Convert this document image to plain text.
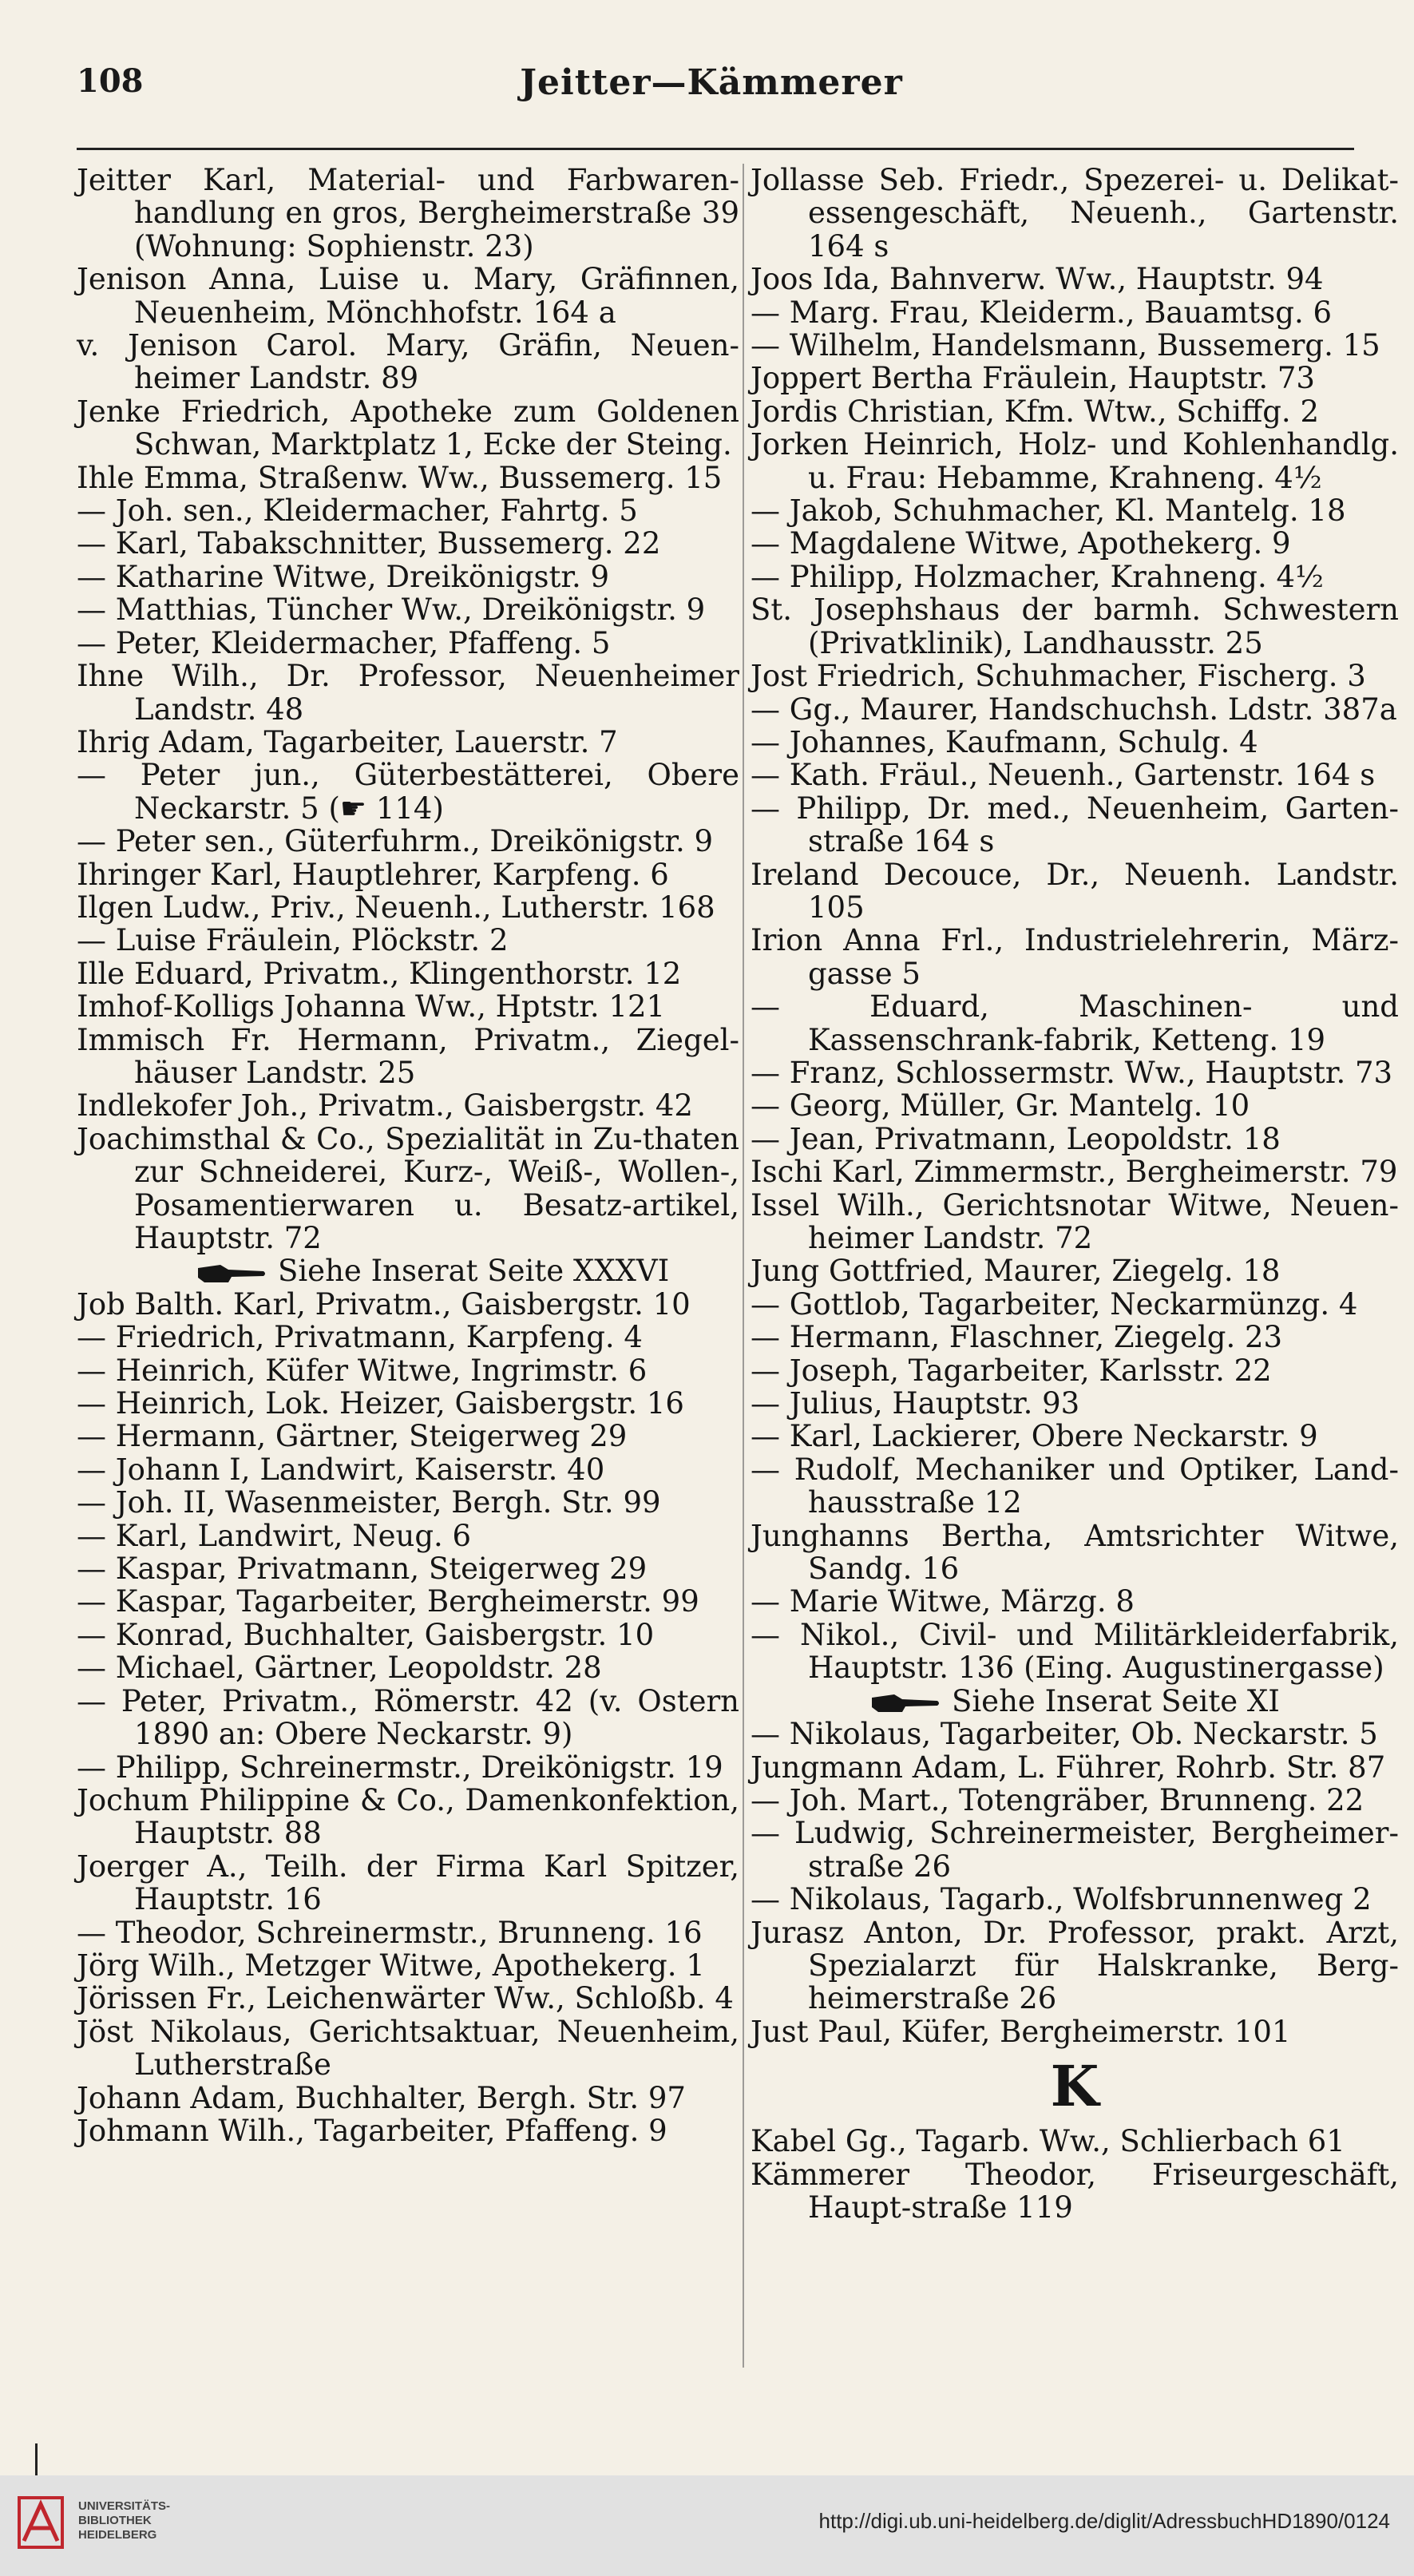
108	Jeitter—Kämmerer
Jeitter Karl, Material- und Farbwaren-handlung en gros, Bergheimerstraße 39 (Wohnung: Sophienstr. 23)
Jenison Anna, Luise u. Mary, Gräfinnen, Neuenheim, Mönchhofstr. 164 a
v. Jenison Carol. Mary, Gräfin, Neuen-heimer Landstr. 89
Jenke Friedrich, Apotheke zum Goldenen Schwan, Marktplatz 1, Ecke der Steing.
Ihle Emma, Straßenw. Ww., Bussemerg. 15
— Joh. sen., Kleidermacher, Fahrtg. 5
— Karl, Tabakschnitter, Bussemerg. 22
— Katharine Witwe, Dreikönigstr. 9
— Matthias, Tüncher Ww., Dreikönigstr. 9
— Peter, Kleidermacher, Pfaffeng. 5
Ihne Wilh., Dr. Professor, Neuenheimer Landstr. 48
Ihrig Adam, Tagarbeiter, Lauerstr. 7
— Peter jun., Güterbestätterei, Obere Neckarstr. 5 (☛ 114)
— Peter sen., Güterfuhrm., Dreikönigstr. 9
Ihringer Karl, Hauptlehrer, Karpfeng. 6
Ilgen Ludw., Priv., Neuenh., Lutherstr. 168
— Luise Fräulein, Plöckstr. 2
Ille Eduard, Privatm., Klingenthorstr. 12
Imhof-Kolligs Johanna Ww., Hptstr. 121
Immisch Fr. Hermann, Privatm., Ziegel-häuser Landstr. 25
Indlekofer Joh., Privatm., Gaisbergstr. 42
Joachimsthal & Co., Spezialität in Zu-thaten zur Schneiderei, Kurz-, Weiß-, Wollen-, Posamentierwaren u. Besatz-artikel, Hauptstr. 72
Siehe Inserat Seite XXXVI
Job Balth. Karl, Privatm., Gaisbergstr. 10
— Friedrich, Privatmann, Karpfeng. 4
— Heinrich, Küfer Witwe, Ingrimstr. 6
— Heinrich, Lok. Heizer, Gaisbergstr. 16
— Hermann, Gärtner, Steigerweg 29
— Johann I, Landwirt, Kaiserstr. 40
— Joh. II, Wasenmeister, Bergh. Str. 99
— Karl, Landwirt, Neug. 6
— Kaspar, Privatmann, Steigerweg 29
— Kaspar, Tagarbeiter, Bergheimerstr. 99
— Konrad, Buchhalter, Gaisbergstr. 10
— Michael, Gärtner, Leopoldstr. 28
— Peter, Privatm., Römerstr. 42 (v. Ostern 1890 an: Obere Neckarstr. 9)
— Philipp, Schreinermstr., Dreikönigstr. 19
Jochum Philippine & Co., Damenkonfektion, Hauptstr. 88
Joerger A., Teilh. der Firma Karl Spitzer, Hauptstr. 16
— Theodor, Schreinermstr., Brunneng. 16
Jörg Wilh., Metzger Witwe, Apothekerg. 1
Jörissen Fr., Leichenwärter Ww., Schloßb. 4
Jöst Nikolaus, Gerichtsaktuar, Neuenheim, Lutherstraße
Johann Adam, Buchhalter, Bergh. Str. 97
Johmann Wilh., Tagarbeiter, Pfaffeng. 9
Jollasse Seb. Friedr., Spezerei- u. Delikat-essengeschäft, Neuenh., Gartenstr. 164 s
Joos Ida, Bahnverw. Ww., Hauptstr. 94
— Marg. Frau, Kleiderm., Bauamtsg. 6
— Wilhelm, Handelsmann, Bussemerg. 15
Joppert Bertha Fräulein, Hauptstr. 73
Jordis Christian, Kfm. Wtw., Schiffg. 2
Jorken Heinrich, Holz- und Kohlenhandlg. u. Frau: Hebamme, Krahneng. 4½
— Jakob, Schuhmacher, Kl. Mantelg. 18
— Magdalene Witwe, Apothekerg. 9
— Philipp, Holzmacher, Krahneng. 4½
St. Josephshaus der barmh. Schwestern (Privatklinik), Landhausstr. 25
Jost Friedrich, Schuhmacher, Fischerg. 3
— Gg., Maurer, Handschuchsh. Ldstr. 387a
— Johannes, Kaufmann, Schulg. 4
— Kath. Fräul., Neuenh., Gartenstr. 164 s
— Philipp, Dr. med., Neuenheim, Garten-straße 164 s
Ireland Decouce, Dr., Neuenh. Landstr. 105
Irion Anna Frl., Industrielehrerin, März-gasse 5
— Eduard, Maschinen- und Kassenschrank-fabrik, Ketteng. 19
— Franz, Schlossermstr. Ww., Hauptstr. 73
— Georg, Müller, Gr. Mantelg. 10
— Jean, Privatmann, Leopoldstr. 18
Ischi Karl, Zimmermstr., Bergheimerstr. 79
Issel Wilh., Gerichtsnotar Witwe, Neuen-heimer Landstr. 72
Jung Gottfried, Maurer, Ziegelg. 18
— Gottlob, Tagarbeiter, Neckarmünzg. 4
— Hermann, Flaschner, Ziegelg. 23
— Joseph, Tagarbeiter, Karlsstr. 22
— Julius, Hauptstr. 93
— Karl, Lackierer, Obere Neckarstr. 9
— Rudolf, Mechaniker und Optiker, Land-hausstraße 12
Junghanns Bertha, Amtsrichter Witwe, Sandg. 16
— Marie Witwe, Märzg. 8
— Nikol., Civil- und Militärkleiderfabrik, Hauptstr. 136 (Eing. Augustinergasse)
Siehe Inserat Seite XI
— Nikolaus, Tagarbeiter, Ob. Neckarstr. 5
Jungmann Adam, L. Führer, Rohrb. Str. 87
— Joh. Mart., Totengräber, Brunneng. 22
— Ludwig, Schreinermeister, Bergheimer-straße 26
— Nikolaus, Tagarb., Wolfsbrunnenweg 2
Jurasz Anton, Dr. Professor, prakt. Arzt, Spezialarzt für Halskranke, Berg-heimerstraße 26
Just Paul, Küfer, Bergheimerstr. 101
K
Kabel Gg., Tagarb. Ww., Schlierbach 61
Kämmerer Theodor, Friseurgeschäft, Haupt-straße 119
UNIVERSITÄTS-
BIBLIOTHEK
HEIDELBERG
http://digi.ub.uni-heidelberg.de/diglit/AdressbuchHD1890/0124
